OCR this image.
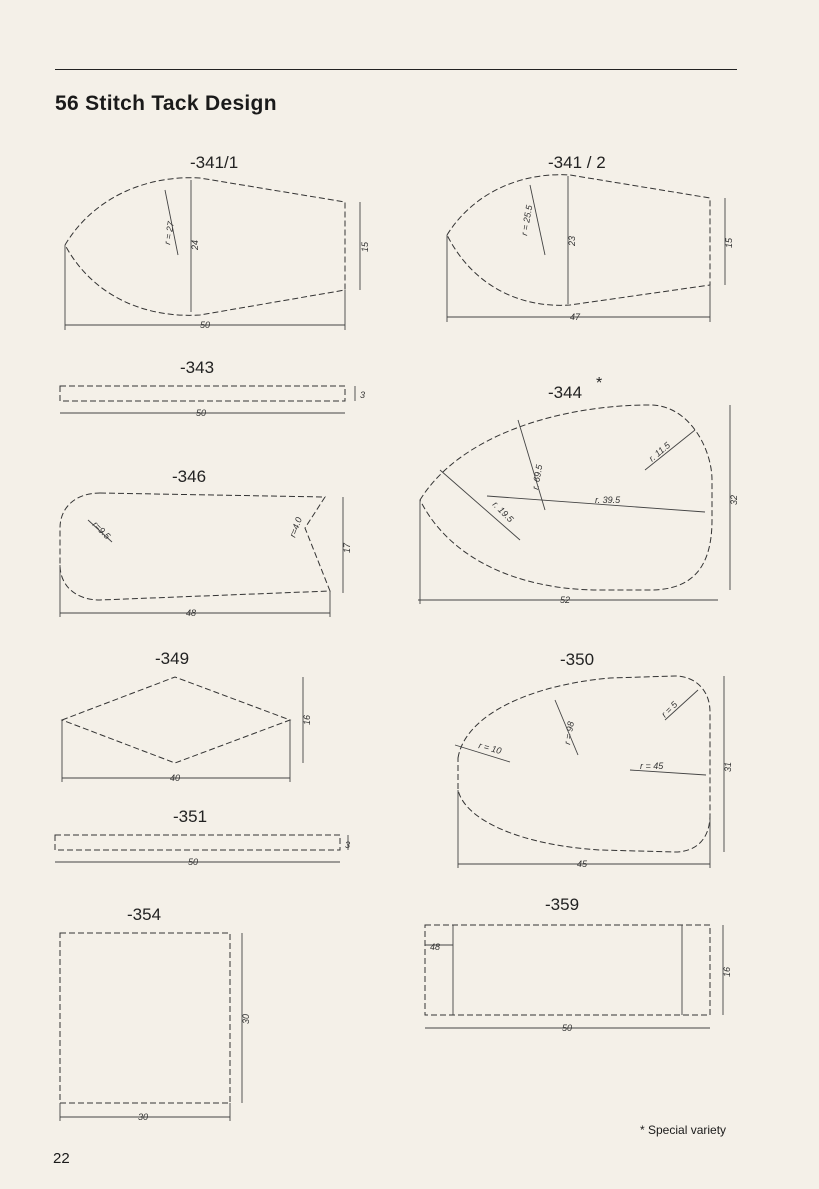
56 Stitch Tack Design
-341/1
r = 27 24	15
50
-341 / 2
r = 25.5
23	15
47
-343
3
50
-344 *
r. 69.5
r. 11.5
r. 39.5
r. 19.5	32
52
-346
r=9.5	r=4.0
17
48
-349
16
40
-350
r = 10
r = 98
r = 5
r = 45	31
45
-351
3
50
-354
30
30
-359
48
16
50
* Special variety
22
